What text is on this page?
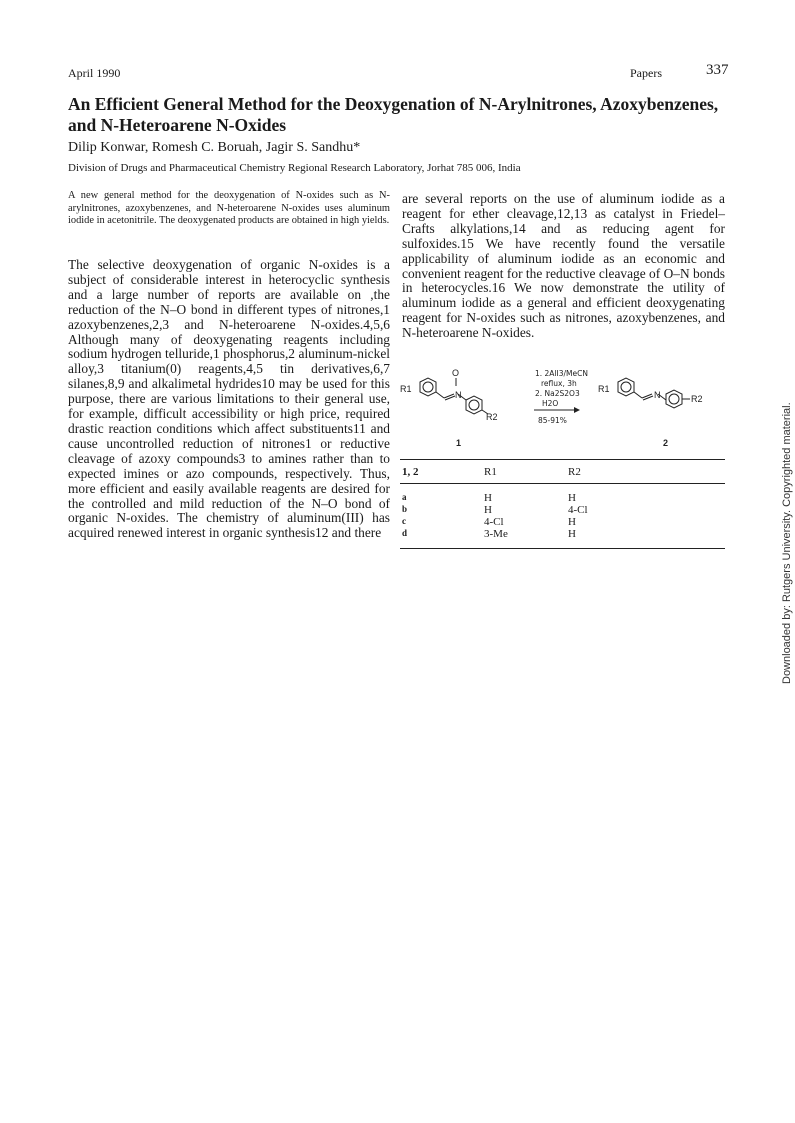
April 1990	Papers	337
An Efficient General Method for the Deoxygenation of N-Arylnitrones, Azoxybenzenes, and N-Heteroarene N-Oxides
Dilip Konwar, Romesh C. Boruah, Jagir S. Sandhu*
Division of Drugs and Pharmaceutical Chemistry Regional Research Laboratory, Jorhat 785 006, India
A new general method for the deoxygenation of N-oxides such as N-arylnitrones, azoxybenzenes, and N-heteroarene N-oxides uses aluminum iodide in acetonitrile. The deoxygenated products are obtained in high yields.
The selective deoxygenation of organic N-oxides is a subject of considerable interest in heterocyclic synthesis and a large number of reports are available on ,the reduction of the N–O bond in different types of nitrones,1 azoxybenzenes,2,3 and N-heteroarene N-oxides.4,5,6 Although many of deoxygenating reagents including sodium hydrogen telluride,1 phosphorus,2 aluminum-nickel alloy,3 titanium(0) reagents,4,5 tin derivatives,6,7 silanes,8,9 and alkalimetal hydrides10 may be used for this purpose, there are various limitations to their general use, for example, difficult accessibility or high price, required drastic reaction conditions which affect substituents11 and cause uncontrolled reduction of nitrones1 or reductive cleavage of azoxy compounds3 to amines rather than to expected imines or azo compounds, respectively. Thus, more efficient and easily available reagents are desired for the controlled and mild reduction of the N–O bond of organic N-oxides. The chemistry of aluminum(III) has acquired renewed interest in organic synthesis12 and there
are several reports on the use of aluminum iodide as a reagent for ether cleavage,12,13 as catalyst in Friedel–Crafts alkylations,14 and as reducing agent for sulfoxides.15 We have recently found the versatile applicability of aluminum iodide as an economic and convenient reagent for the reductive cleavage of O–N bonds in heterocycles.16 We now demonstrate the utility of aluminum iodide as a general and efficient deoxygenating reagent for N-oxides such as nitrones, azoxybenzenes, and N-heteroarene N-oxides.
R1
O
N
R2
1
1. 2AlI3/MeCN
reflux, 3h
2. Na2S2O3
H2O
85-91%
R1
N	R2
2
1, 2	R1	R2
a	H	H
b	H	4-Cl
c	4-Cl	H
d	3-Me	H	Downloaded by: Rutgers University. Copyrighted material.
